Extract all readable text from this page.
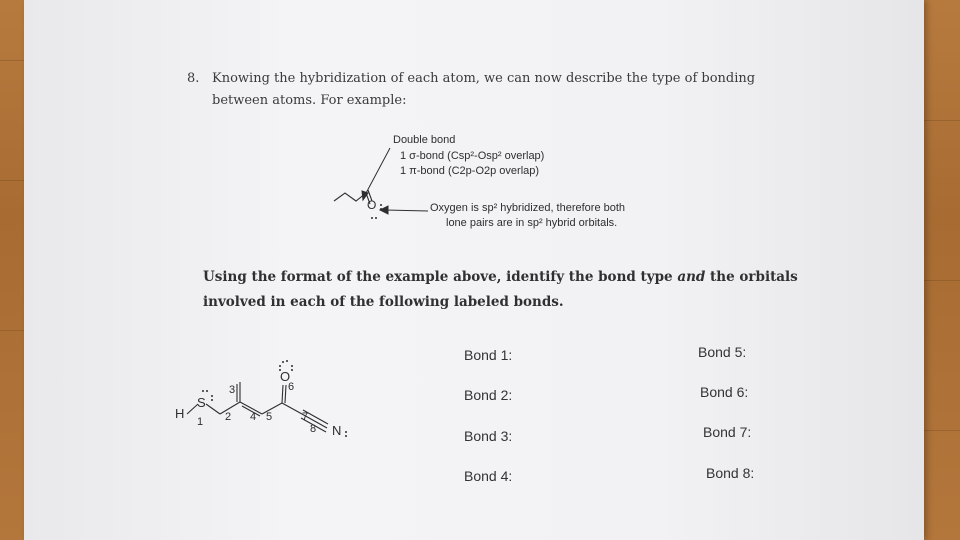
8. Knowing the hybridization of each atom, we can now describe the type of bonding
between atoms. For example:
Double bond
1 σ-bond (Csp²-Osp² overlap)
1 π-bond (C2p-O2p overlap)
Oxygen is sp² hybridized, therefore both
lone pairs are in sp² hybrid orbitals.
O
Using the format of the example above, identify the bond type and the orbitals
involved in each of the following labeled bonds.
H
S
O
N
1 2
3
4 5
6
7
8
Bond 1:
Bond 2:
Bond 3:
Bond 4:
Bond 5:
Bond 6:
Bond 7:
Bond 8:
